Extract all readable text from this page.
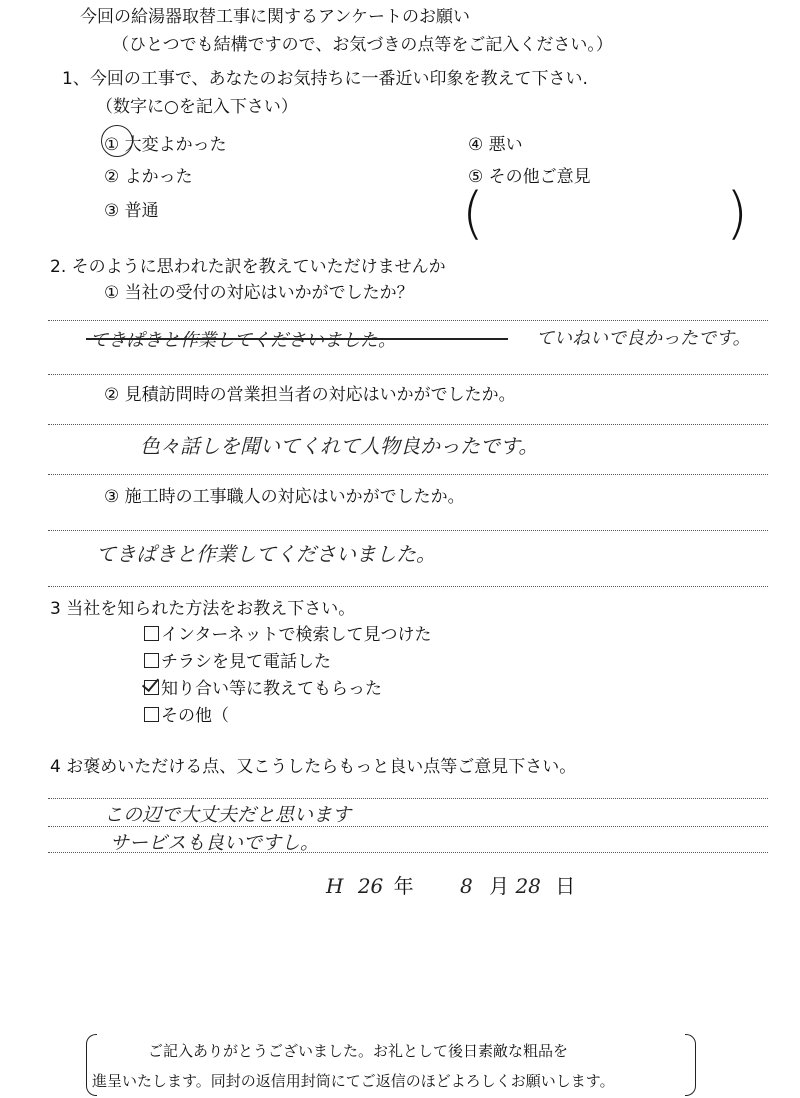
今回の給湯器取替工事に関するアンケートのお願い
（ひとつでも結構ですので、お気づきの点等をご記入ください。）
1、今回の工事で、あなたのお気持ちに一番近い印象を教えて下さい.
（数字に○を記入下さい）
① 大変よかった
② よかった
③ 普通
④ 悪い
⑤ その他ご意見
(	)
2. そのように思われた訳を教えていただけませんか
① 当社の受付の対応はいかがでしたか？
てきぱきと作業してくださいました。	ていねいで良かったです。
② 見積訪問時の営業担当者の対応はいかがでしたか。
色々話しを聞いてくれて人物良かったです。
③ 施工時の工事職人の対応はいかがでしたか。
てきぱきと作業してくださいました。
3 当社を知られた方法をお教え下さい。
インターネットで検索して見つけた
チラシを見て電話した
知り合い等に教えてもらった
その他（
4 お褒めいただける点、又こうしたらもっと良い点等ご意見下さい。
この辺で大丈夫だと思います
サービスも良いですし。
H 26 年 8 月 28 日
ご記入ありがとうございました。お礼として後日素敵な粗品を
進呈いたします。同封の返信用封筒にてご返信のほどよろしくお願いします。
